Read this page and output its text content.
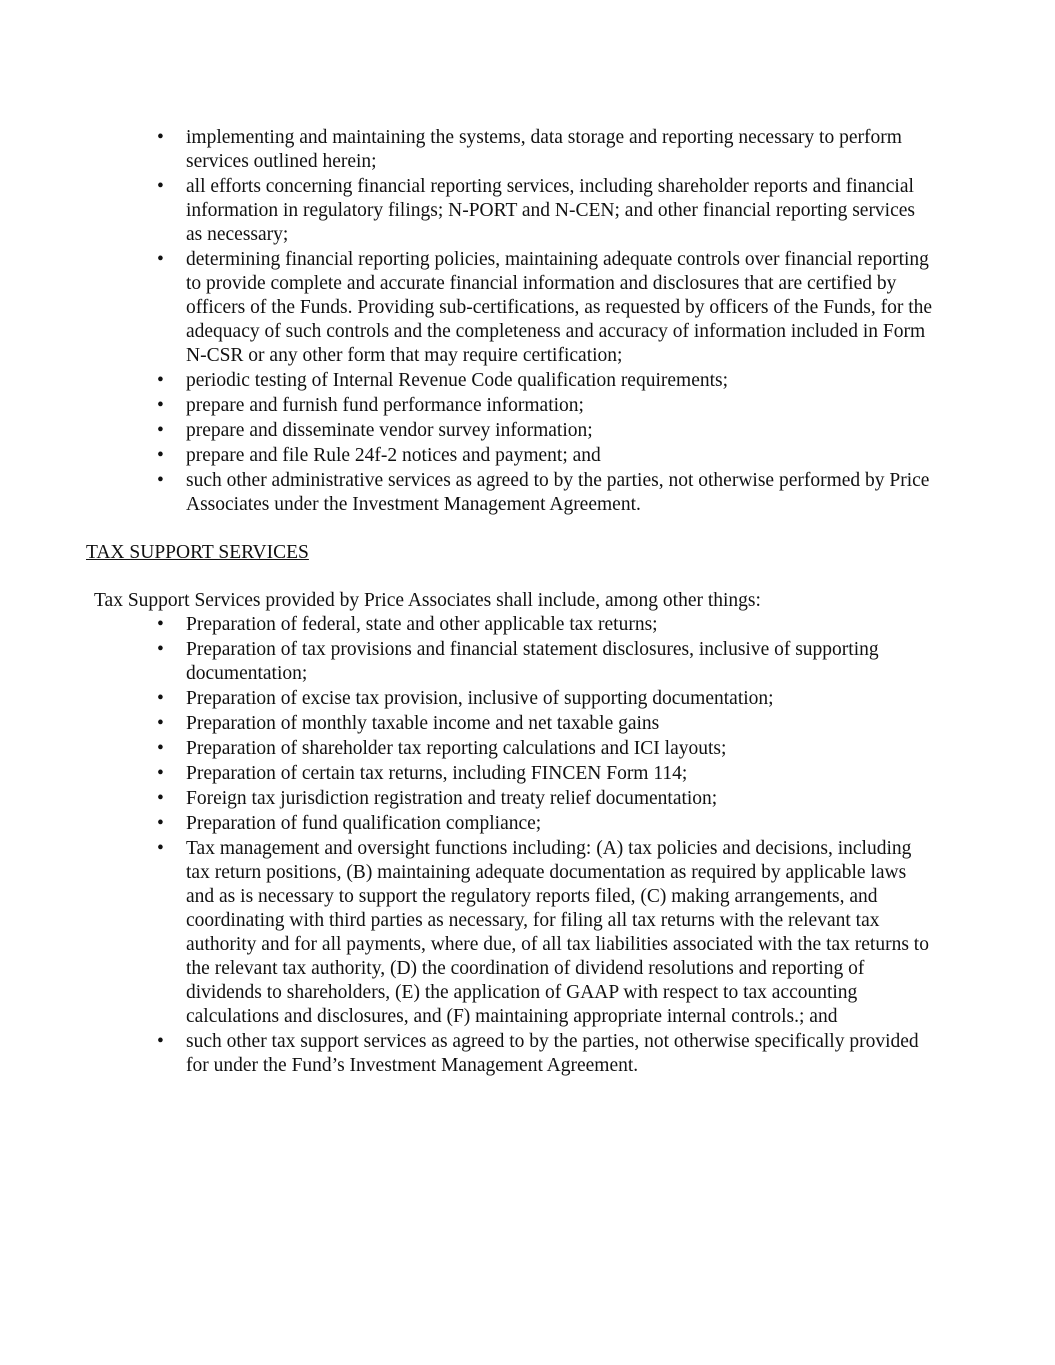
• implementing and maintaining the systems, data storage and reporting necessary to perform services outlined herein;
• all efforts concerning financial reporting services, including shareholder reports and financial information in regulatory filings; N-PORT and N-CEN; and other financial reporting services as necessary;
• determining financial reporting policies, maintaining adequate controls over financial reporting to provide complete and accurate financial information and disclosures that are certified by officers of the Funds. Providing sub-certifications, as requested by officers of the Funds, for the adequacy of such controls and the completeness and accuracy of information included in Form N-CSR or any other form that may require certification;
• periodic testing of Internal Revenue Code qualification requirements;
• prepare and furnish fund performance information;
• prepare and disseminate vendor survey information;
• prepare and file Rule 24f-2 notices and payment; and
• such other administrative services as agreed to by the parties, not otherwise performed by Price Associates under the Investment Management Agreement.
TAX SUPPORT SERVICES
Tax Support Services provided by Price Associates shall include, among other things:
• Preparation of federal, state and other applicable tax returns;
• Preparation of tax provisions and financial statement disclosures, inclusive of supporting documentation;
• Preparation of excise tax provision, inclusive of supporting documentation;
• Preparation of monthly taxable income and net taxable gains
• Preparation of shareholder tax reporting calculations and ICI layouts;
• Preparation of certain tax returns, including FINCEN Form 114;
• Foreign tax jurisdiction registration and treaty relief documentation;
• Preparation of fund qualification compliance;
• Tax management and oversight functions including: (A) tax policies and decisions, including tax return positions, (B) maintaining adequate documentation as required by applicable laws and as is necessary to support the regulatory reports filed, (C) making arrangements, and coordinating with third parties as necessary, for filing all tax returns with the relevant tax authority and for all payments, where due, of all tax liabilities associated with the tax returns to the relevant tax authority, (D) the coordination of dividend resolutions and reporting of dividends to shareholders, (E) the application of GAAP with respect to tax accounting calculations and disclosures, and (F) maintaining appropriate internal controls.; and
• such other tax support services as agreed to by the parties, not otherwise specifically provided for under the Fund’s Investment Management Agreement.
